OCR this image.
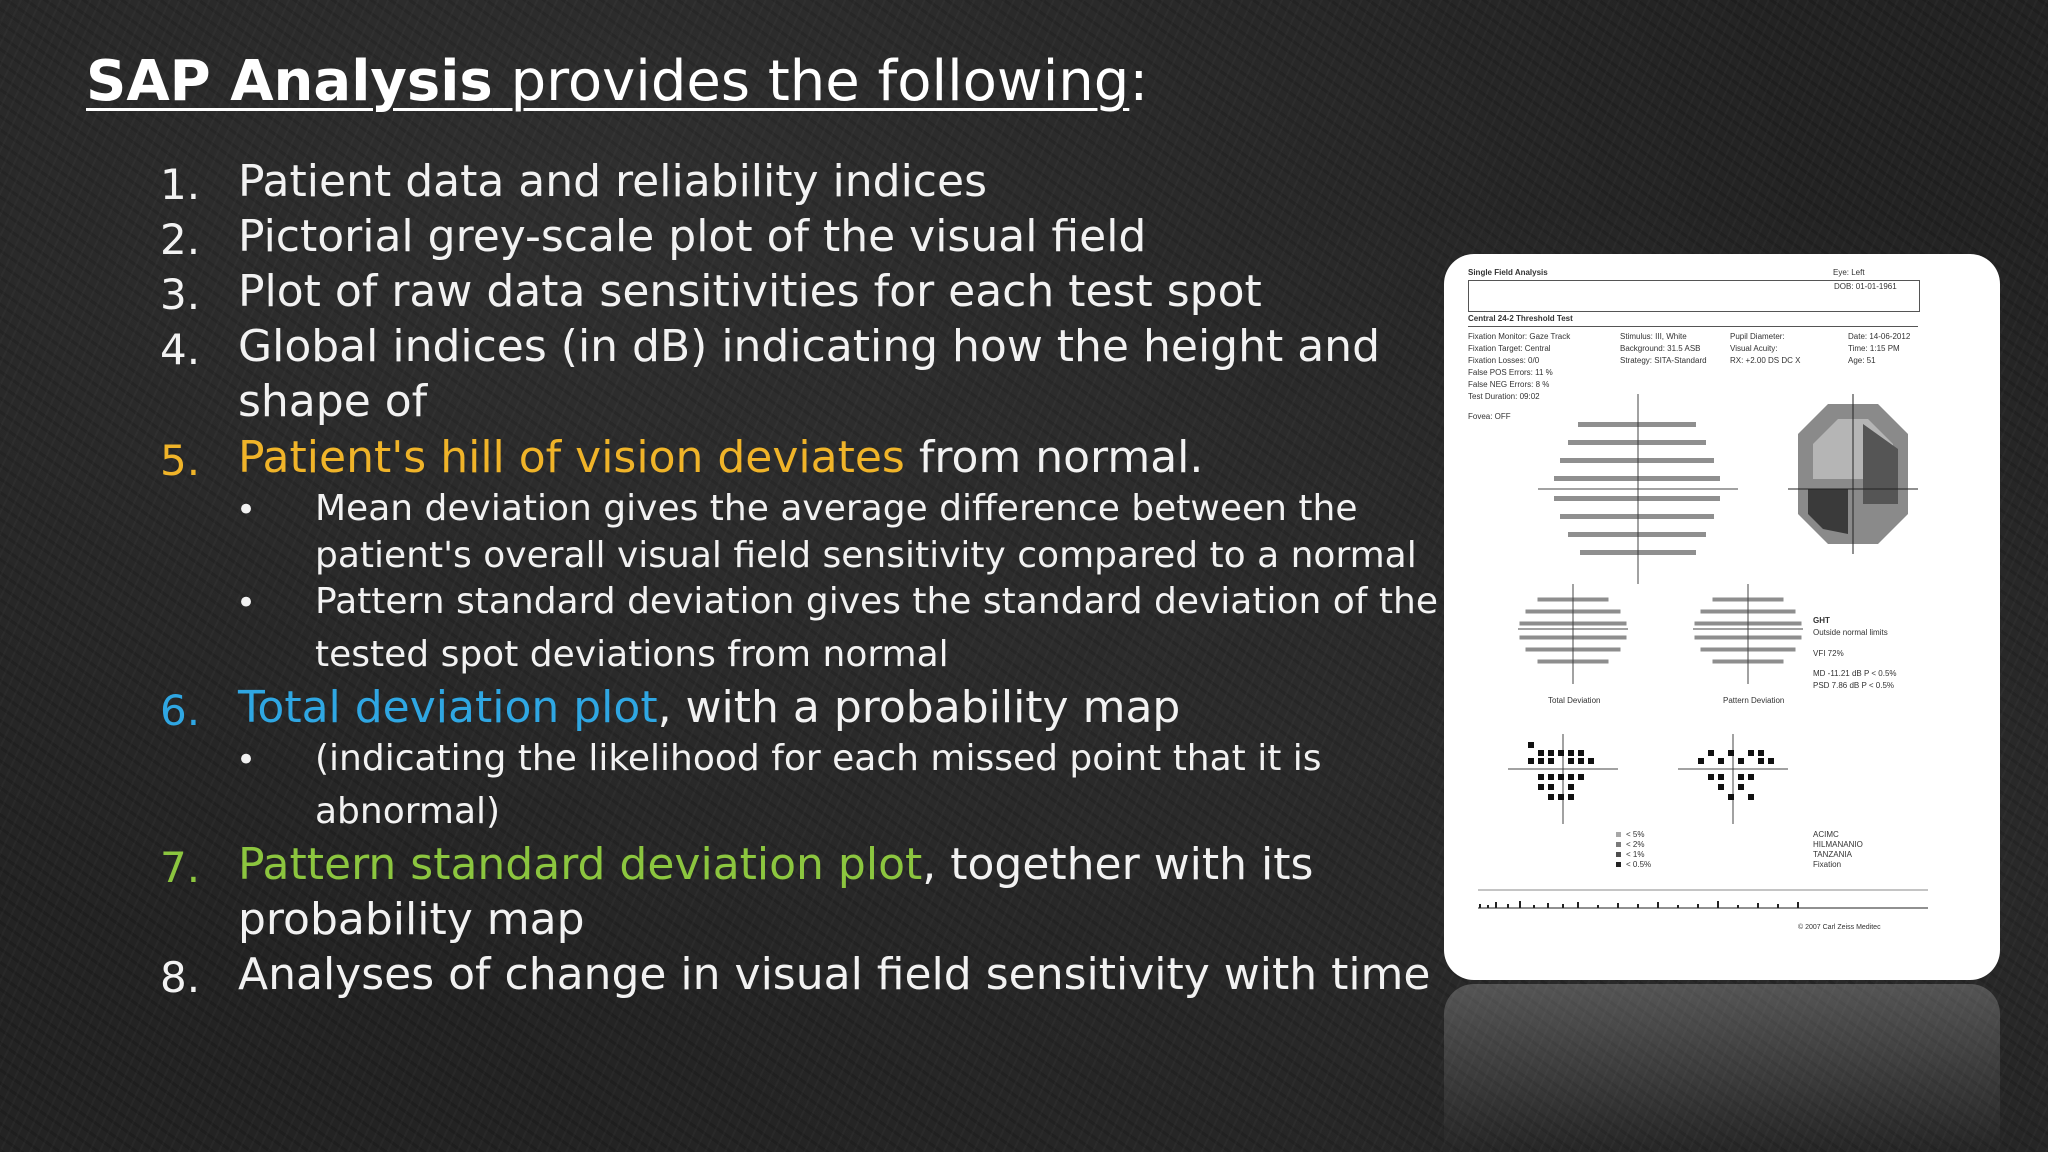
SAP Analysis provides the following:
1. Patient data and reliability indices
2. Pictorial grey-scale plot of the visual field
3. Plot of raw data sensitivities for each test spot
4. Global indices (in dB) indicating how the height and
shape of
5. Patient's hill of vision deviates from normal.
• Mean deviation gives the average difference between the
patient's overall visual field sensitivity compared to a normal
• Pattern standard deviation gives the standard deviation of the
tested spot deviations from normal
6. Total deviation plot, with a probability map
• (indicating the likelihood for each missed point that it is
abnormal)
7. Pattern standard deviation plot, together with its
probability map
8. Analyses of change in visual field sensitivity with time
Single Field Analysis	Eye: Left
DOB: 01-01-1961
Central 24-2 Threshold Test
Fixation Monitor: Gaze Track
Fixation Target: Central
Fixation Losses: 0/0
False POS Errors: 11 %
False NEG Errors: 8 %
Test Duration: 09:02
Fovea: OFF
Stimulus: III, White
Background: 31.5 ASB
Strategy: SITA-Standard
Pupil Diameter:
Visual Acuity:
RX: +2.00 DS DC X
Date: 14-06-2012
Time: 1:15 PM
Age: 51
Total Deviation	Pattern Deviation
GHT
Outside normal limits
VFI 72%
MD -11.21 dB P < 0.5%
PSD 7.86 dB P < 0.5%
< 5%
< 2%
< 1%
< 0.5%
ACIMC
HILMANANIO
TANZANIA
Fixation
© 2007 Carl Zeiss Meditec
